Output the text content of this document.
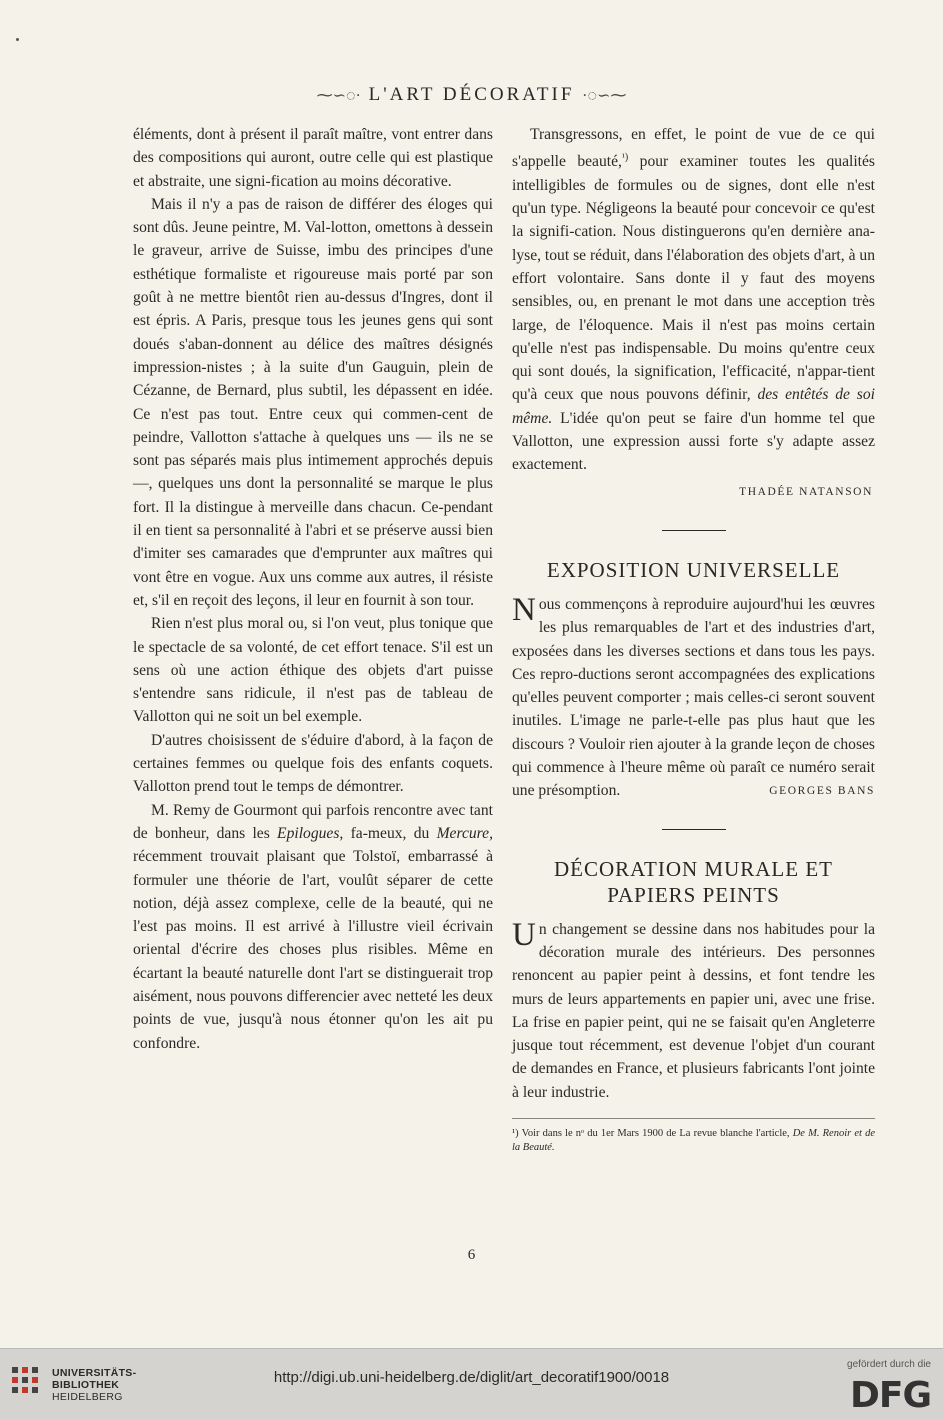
⁓∽◌· L'ART DÉCORATIF ·◌∽⁓

éléments, dont à présent il paraît maître, vont entrer dans des compositions qui auront, outre celle qui est plastique et abstraite, une signi-fication au moins décorative.

Mais il n'y a pas de raison de différer des éloges qui sont dûs. Jeune peintre, M. Val-lotton, omettons à dessein le graveur, arrive de Suisse, imbu des principes d'une esthétique formaliste et rigoureuse mais porté par son goût à ne mettre bientôt rien au-dessus d'Ingres, dont il est épris. A Paris, presque tous les jeunes gens qui sont doués s'aban-donnent au délice des maîtres désignés impression-nistes ; à la suite d'un Gauguin, plein de Cézanne, de Bernard, plus subtil, les dépassent en idée. Ce n'est pas tout. Entre ceux qui commen-cent de peindre, Vallotton s'attache à quelques uns — ils ne se sont pas séparés mais plus intimement approchés depuis —, quelques uns dont la personnalité se marque le plus fort. Il la distingue à merveille dans chacun. Ce-pendant il en tient sa personnalité à l'abri et se préserve aussi bien d'imiter ses camarades que d'emprunter aux maîtres qui vont être en vogue. Aux uns comme aux autres, il résiste et, s'il en reçoit des leçons, il leur en fournit à son tour.

Rien n'est plus moral ou, si l'on veut, plus tonique que le spectacle de sa volonté, de cet effort tenace. S'il est un sens où une action éthique des objets d'art puisse s'entendre sans ridicule, il n'est pas de tableau de Vallotton qui ne soit un bel exemple.

D'autres choisissent de s'éduire d'abord, à la façon de certaines femmes ou quelque fois des enfants coquets. Vallotton prend tout le temps de démontrer.

M. Remy de Gourmont qui parfois rencontre avec tant de bonheur, dans les Epilogues, fa-meux, du Mercure, récemment trouvait plaisant que Tolstoï, embarrassé à formuler une théorie de l'art, voulût séparer de cette notion, déjà assez complexe, celle de la beauté, qui ne l'est pas moins. Il est arrivé à l'illustre vieil écrivain oriental d'écrire des choses plus risibles. Même en écartant la beauté naturelle dont l'art se distinguerait trop aisément, nous pouvons differencier avec netteté les deux points de vue, jusqu'à nous étonner qu'on les ait pu confondre.

Transgressons, en effet, le point de vue de ce qui s'appelle beauté,$^{^1)}$ pour examiner toutes les qualités intelligibles de formules ou de signes, dont elle n'est qu'un type. Négligeons la beauté pour concevoir ce qu'est la signifi-cation. Nous distinguerons qu'en dernière ana-lyse, tout se réduit, dans l'élaboration des objets d'art, à un effort volontaire. Sans donte il y faut des moyens sensibles, ou, en prenant le mot dans une acception très large, de l'éloquence. Mais il n'est pas moins certain qu'elle n'est pas indispensable. Du moins qu'entre ceux qui sont doués, la signification, l'efficacité, n'appar-tient qu'à ceux que nous pouvons définir, des entêtés de soi même. L'idée qu'on peut se faire d'un homme tel que Vallotton, une expression aussi forte s'y adapte assez exactement.

THADÉE NATANSON
EXPOSITION UNIVERSELLE

Nous commençons à reproduire aujourd'hui les œuvres les plus remarquables de l'art et des industries d'art, exposées dans les diverses sections et dans tous les pays. Ces repro-ductions seront accompagnées des explications qu'elles peuvent comporter ; mais celles-ci seront souvent inutiles. L'image ne parle-t-elle pas plus haut que les discours ? Vouloir rien ajouter à la grande leçon de choses qui commence à l'heure même où paraît ce numéro serait une présomption.	GEORGES BANS

DÉCORATION MURALE ET
PAPIERS PEINTS

Un changement se dessine dans nos habitudes pour la décoration murale des intérieurs. Des personnes renoncent au papier peint à dessins, et font tendre les murs de leurs appartements en papier uni, avec une frise. La frise en papier peint, qui ne se faisait qu'en Angleterre jusque tout récemment, est devenue l'objet d'un courant de demandes en France, et plusieurs fabricants l'ont jointe à leur industrie.

¹) Voir dans le nᵒ du 1er Mars 1900 de La revue blanche l'article, De M. Renoir et de la Beauté.
6
UNIVERSITÄTS-
BIBLIOTHEK
HEIDELBERG
http://digi.ub.uni-heidelberg.de/diglit/art_decoratif1900/0018
gefördert durch die
DFG
